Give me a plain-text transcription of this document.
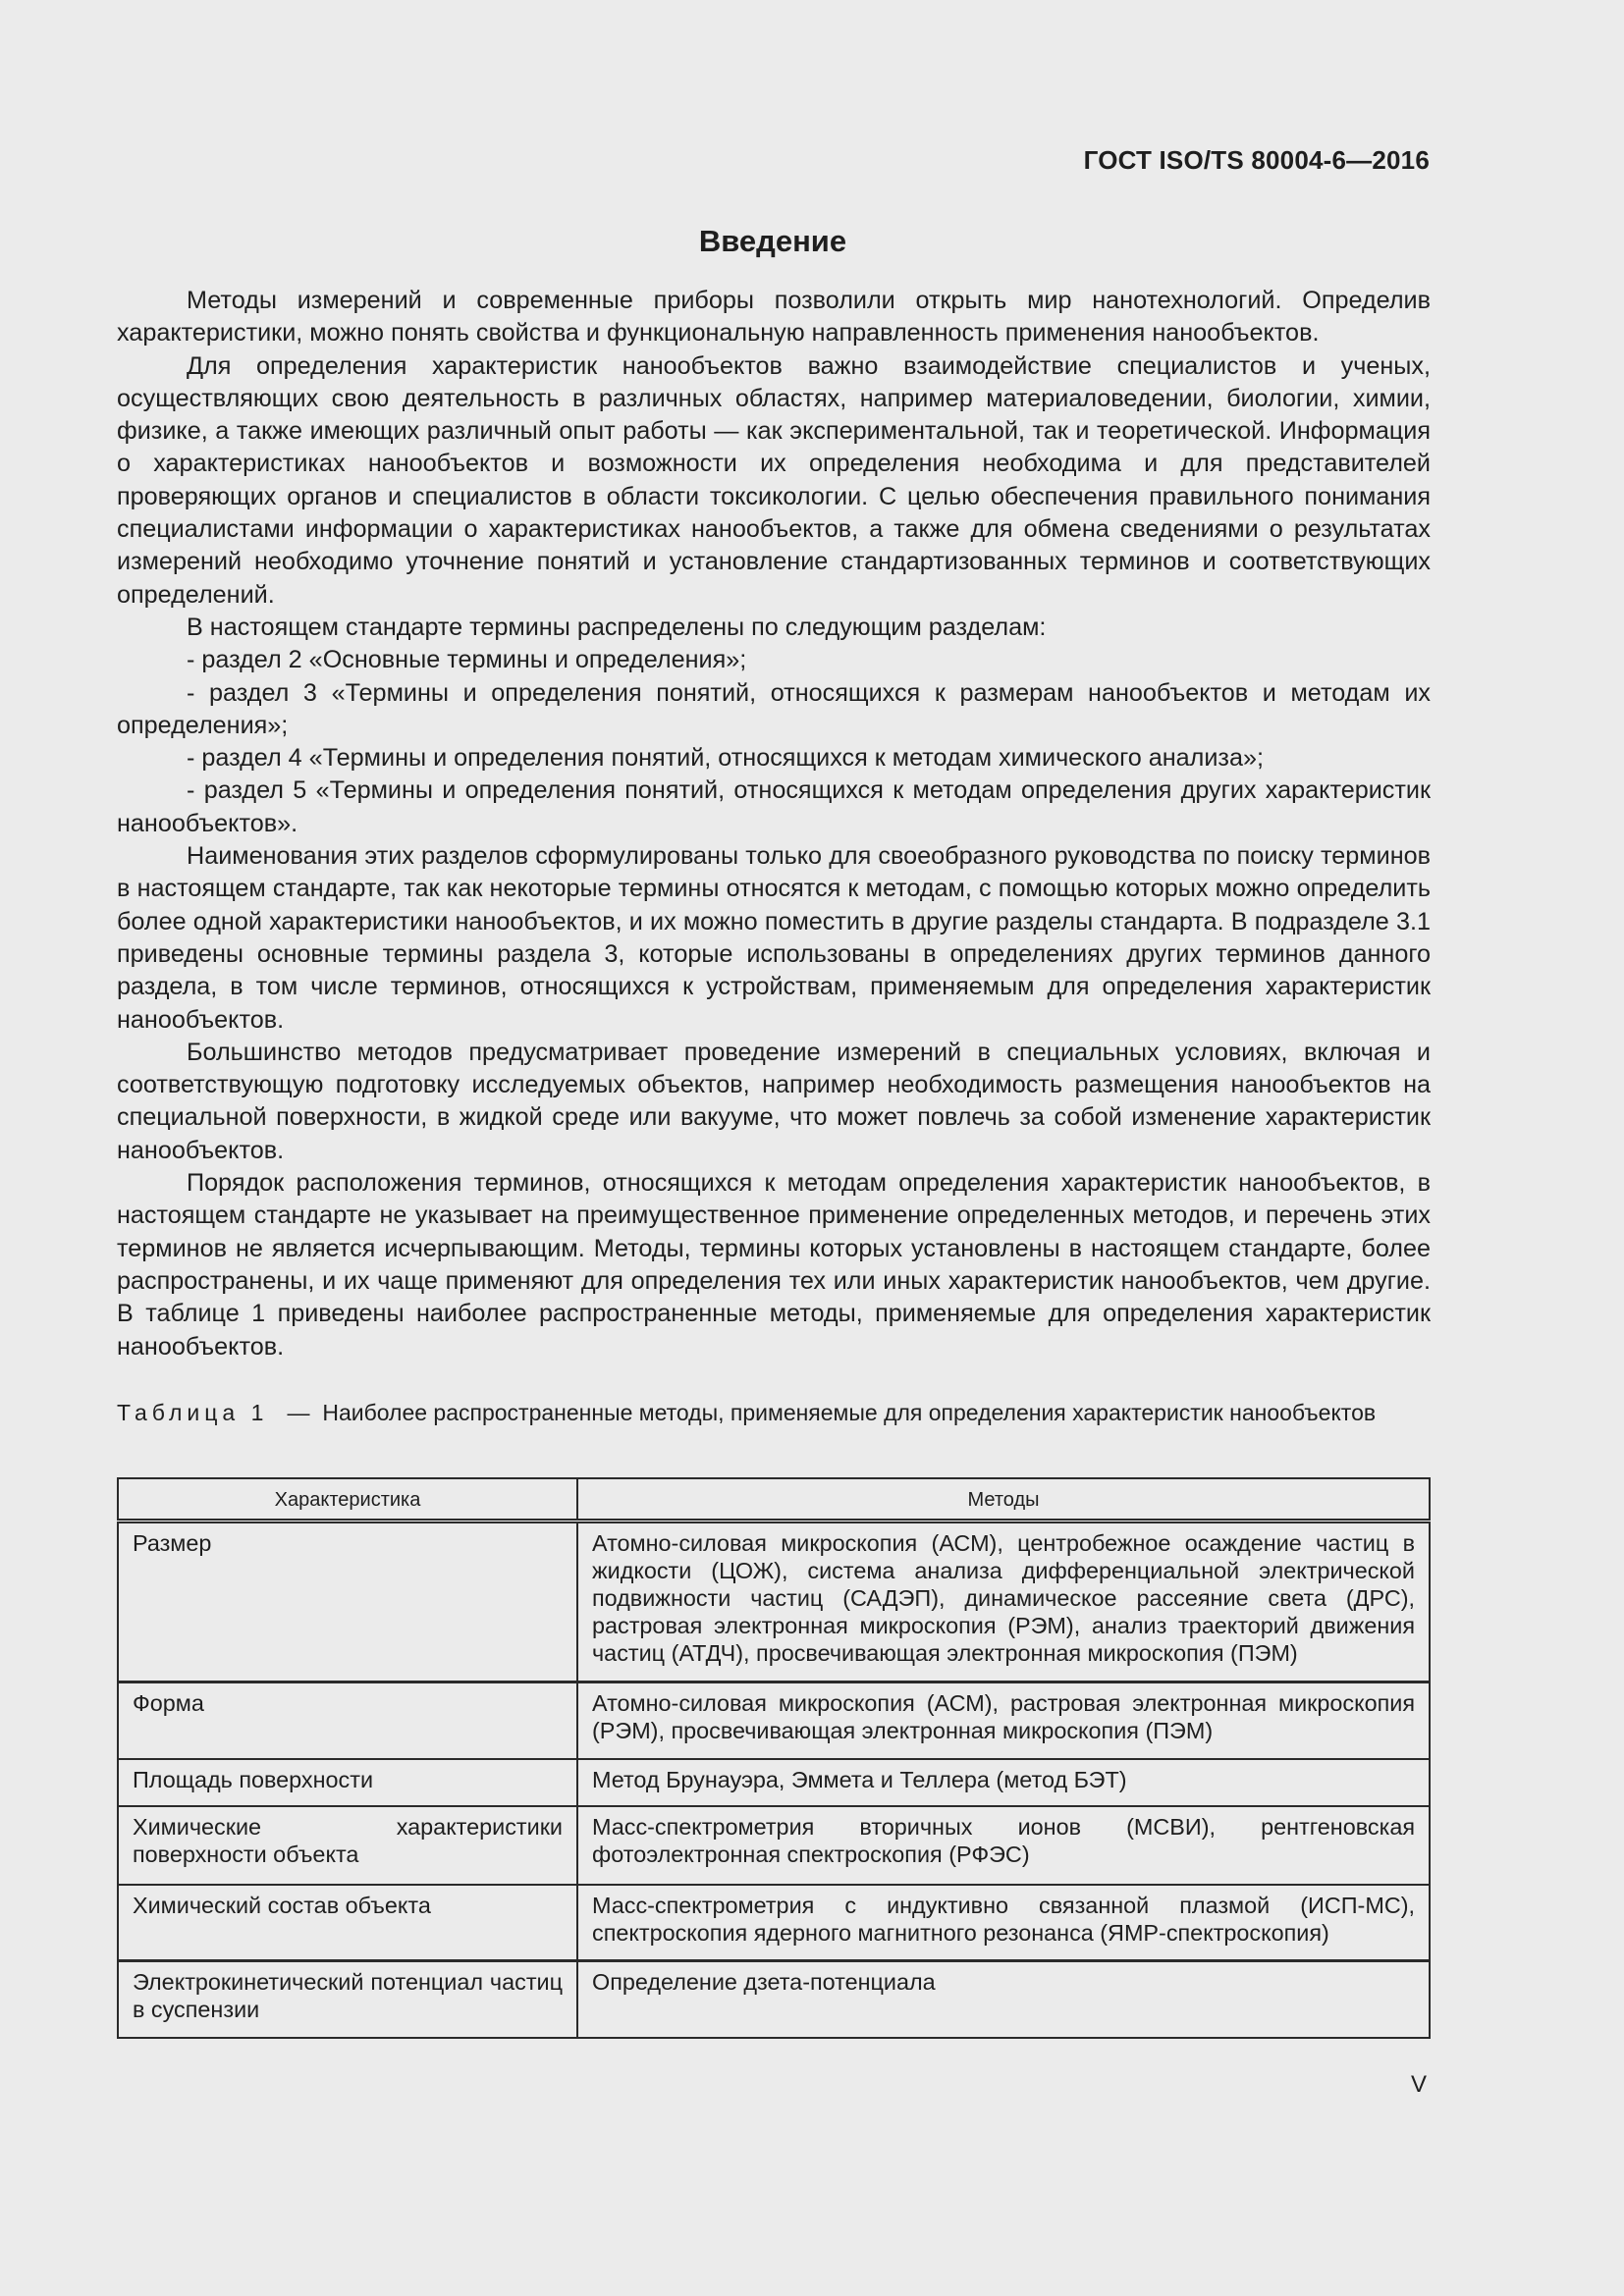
ГОСТ ISO/TS 80004-6—2016
Введение

Методы измерений и современные приборы позволили открыть мир нанотехнологий. Определив характеристики, можно понять свойства и функциональную направленность применения нанообъектов.

Для определения характеристик нанообъектов важно взаимодействие специалистов и ученых, осуществляющих свою деятельность в различных областях, например материаловедении, биологии, химии, физике, а также имеющих различный опыт работы — как экспериментальной, так и теоретической. Информация о характеристиках нанообъектов и возможности их определения необходима и для представителей проверяющих органов и специалистов в области токсикологии. С целью обеспечения правильного понимания специалистами информации о характеристиках нанообъектов, а также для обмена сведениями о результатах измерений необходимо уточнение понятий и установление стандартизованных терминов и соответствующих определений.

В настоящем стандарте термины распределены по следующим разделам:

- раздел 2 «Основные термины и определения»;

- раздел 3 «Термины и определения понятий, относящихся к размерам нанообъектов и методам их определения»;

- раздел 4 «Термины и определения понятий, относящихся к методам химического анализа»;

- раздел 5 «Термины и определения понятий, относящихся к методам определения других характеристик нанообъектов».

Наименования этих разделов сформулированы только для своеобразного руководства по поиску терминов в настоящем стандарте, так как некоторые термины относятся к методам, с помощью которых можно определить более одной характеристики нанообъектов, и их можно поместить в другие разделы стандарта. В подразделе 3.1 приведены основные термины раздела 3, которые использованы в определениях других терминов данного раздела, в том числе терминов, относящихся к устройствам, применяемым для определения характеристик нанообъектов.

Большинство методов предусматривает проведение измерений в специальных условиях, включая и соответствующую подготовку исследуемых объектов, например необходимость размещения нанообъектов на специальной поверхности, в жидкой среде или вакууме, что может повлечь за собой изменение характеристик нанообъектов.

Порядок расположения терминов, относящихся к методам определения характеристик нанообъектов, в настоящем стандарте не указывает на преимущественное применение определенных методов, и перечень этих терминов не является исчерпывающим. Методы, термины которых установлены в настоящем стандарте, более распространены, и их чаще применяют для определения тех или иных характеристик нанообъектов, чем другие. В таблице 1 приведены наиболее распространенные методы, применяемые для определения характеристик нанообъектов.

Таблица 1 — Наиболее распространенные методы, применяемые для определения характеристик нанообъектов
Характеристика	Методы
Размер	Атомно-силовая микроскопия (АСМ), центробежное осаждение частиц в жидкости (ЦОЖ), система анализа дифференциальной электрической подвижности частиц (САДЭП), динамическое рассеяние света (ДРС), растровая электронная микроскопия (РЭМ), анализ траекторий движения частиц (АТДЧ), просвечивающая электронная микроскопия (ПЭМ)
Форма	Атомно-силовая микроскопия (АСМ), растровая электронная микроскопия (РЭМ), просвечивающая электронная микроскопия (ПЭМ)
Площадь поверхности	Метод Брунауэра, Эммета и Теллера (метод БЭТ)
Химические характеристики поверхности объекта	Масс-спектрометрия вторичных ионов (МСВИ), рентгеновская фотоэлектронная спектроскопия (РФЭС)
Химический состав объекта	Масс-спектрометрия с индуктивно связанной плазмой (ИСП-МС), спектроскопия ядерного магнитного резонанса (ЯМР-спектроскопия)
Электрокинетический потенциал частиц в суспензии	Определение дзета-потенциала
V
